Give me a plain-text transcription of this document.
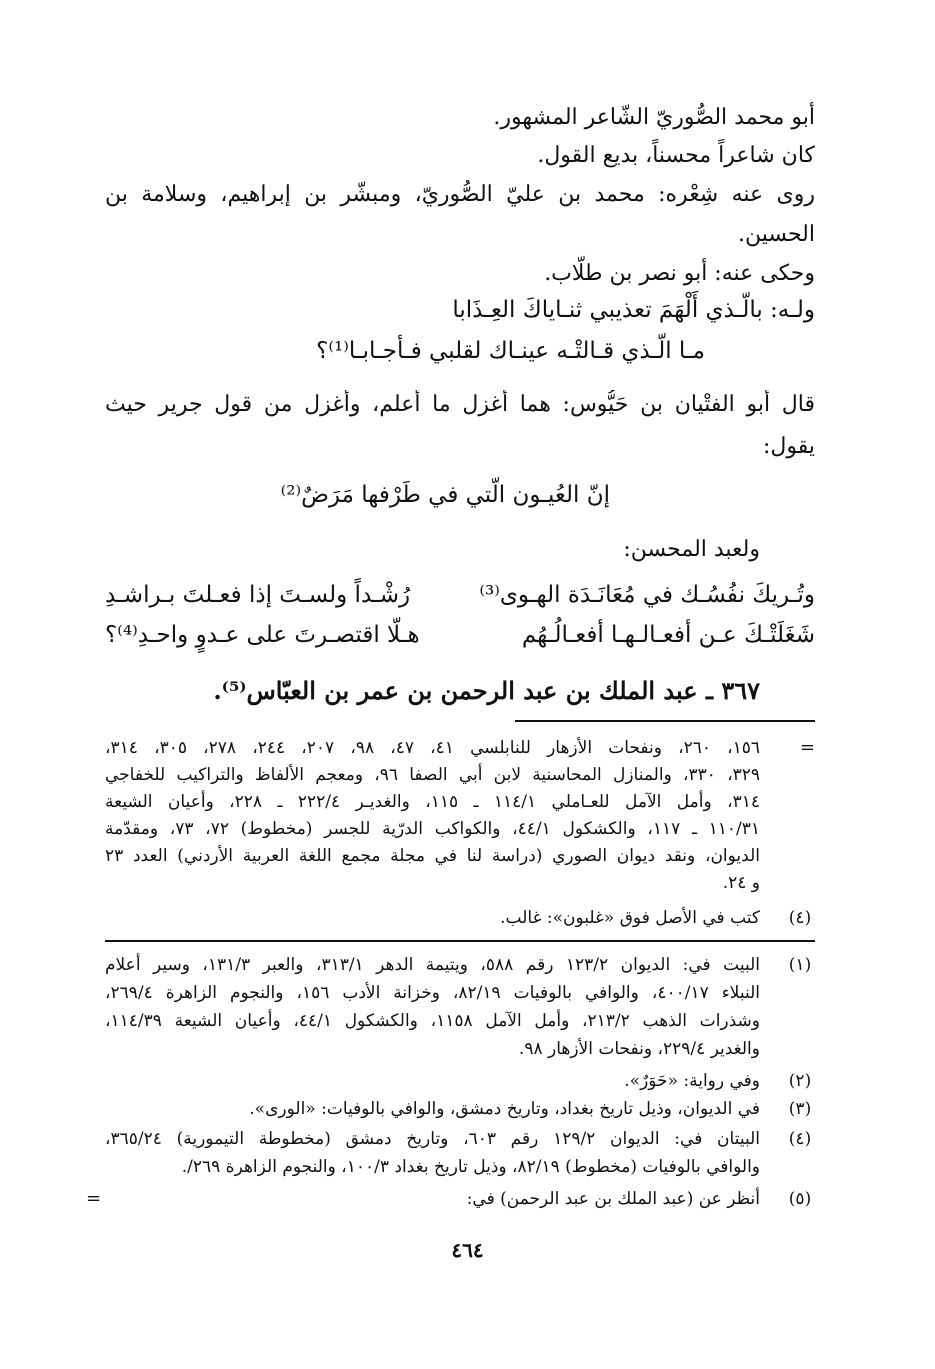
أبو محمد الصُّوريّ الشّاعر المشهور.
كان شاعراً محسناً، بديع القول.
روى عنه شِعْره: محمد بن عليّ الصُّوريّ، ومبشّر بن إبراهيم، وسلامة بن
الحسين.
وحكى عنه: أبو نصر بن طلّاب.
ولـه: بالّـذي أَلْهَمَ تعذيبي ثنـاياكَ العِـذَابا
مـا الّـذي قـالتْـه عينـاك لقلبي فـأجـابـا⁽¹⁾؟
قال أبو الفتْيان بن حَيُّوس: هما أغزل ما أعلم، وأغزل من قول جرير حيث
يقول:
إنّ العُيـون الّتي في طَرْفها مَرَضٌ⁽²⁾
ولعبد المحسن:
وتُـريكَ نفُسُـك في مُعَانَـدَة الهـوى⁽³⁾
رُشْـداً ولسـتَ إذا فعـلتَ بـراشـدِ
شَغَلَتْـكَ عـن أفعـالـهـا أفعـالُـهُم
هـلّا اقتصـرتَ على عـدوٍ واحـدِ⁽⁴⁾؟
٣٦٧ ـ عبد الملك بن عبد الرحمن بن عمر بن العبّاس⁽⁵⁾.
=
١٥٦، ٢٦٠، ونفحات الأزهار للنابلسي ٤١، ٤٧، ٩٨، ٢٠٧، ٢٤٤، ٢٧٨، ٣٠٥، ٣١٤،
٣٢٩، ٣٣٠، والمنازل المحاسنية لابن أبي الصفا ٩٦، ومعجم الألفاظ والتراكيب للخفاجي
٣١٤، وأمل الآمل للعـاملي ١١٤/١ ـ ١١٥، والغديـر ٢٢٢/٤ ـ ٢٢٨، وأعيان الشيعة
١١٠/٣١ ـ ١١٧، والكشكول ٤٤/١، والكواكب الدرّية للجسر (مخطوط) ٧٢، ٧٣، ومقدّمة
الديوان، ونقد ديوان الصوري (دراسة لنا في مجلة مجمع اللغة العربية الأردني) العدد ٢٣
و ٢٤.
(٤)
كتب في الأصل فوق «غلبون»: غالب.
(١)
البيت في: الديوان ١٢٣/٢ رقم ٥٨٨، ويتيمة الدهر ٣١٣/١، والعبر ١٣١/٣، وسير أعلام
النبلاء ٤٠٠/١٧، والوافي بالوفيات ٨٢/١٩، وخزانة الأدب ١٥٦، والنجوم الزاهرة ٢٦٩/٤،
وشذرات الذهب ٢١٣/٢، وأمل الآمل ١١٥٨، والكشكول ٤٤/١، وأعيان الشيعة ١١٤/٣٩،
والغدير ٢٢٩/٤، ونفحات الأزهار ٩٨.
(٢)
وفي رواية: «حَوَرٌ».
(٣)
في الديوان، وذيل تاريخ بغداد، وتاريخ دمشق، والوافي بالوفيات: «الورى».
(٤)
البيتان في: الديوان ١٢٩/٢ رقم ٦٠٣، وتاريخ دمشق (مخطوطة التيمورية) ٣٦٥/٢٤،
والوافي بالوفيات (مخطوط) ٨٢/١٩، وذيل تاريخ بغداد ١٠٠/٣، والنجوم الزاهرة ٢٦٩/.
(٥)
أنظر عن (عبد الملك بن عبد الرحمن) في:
=
٤٦٤
